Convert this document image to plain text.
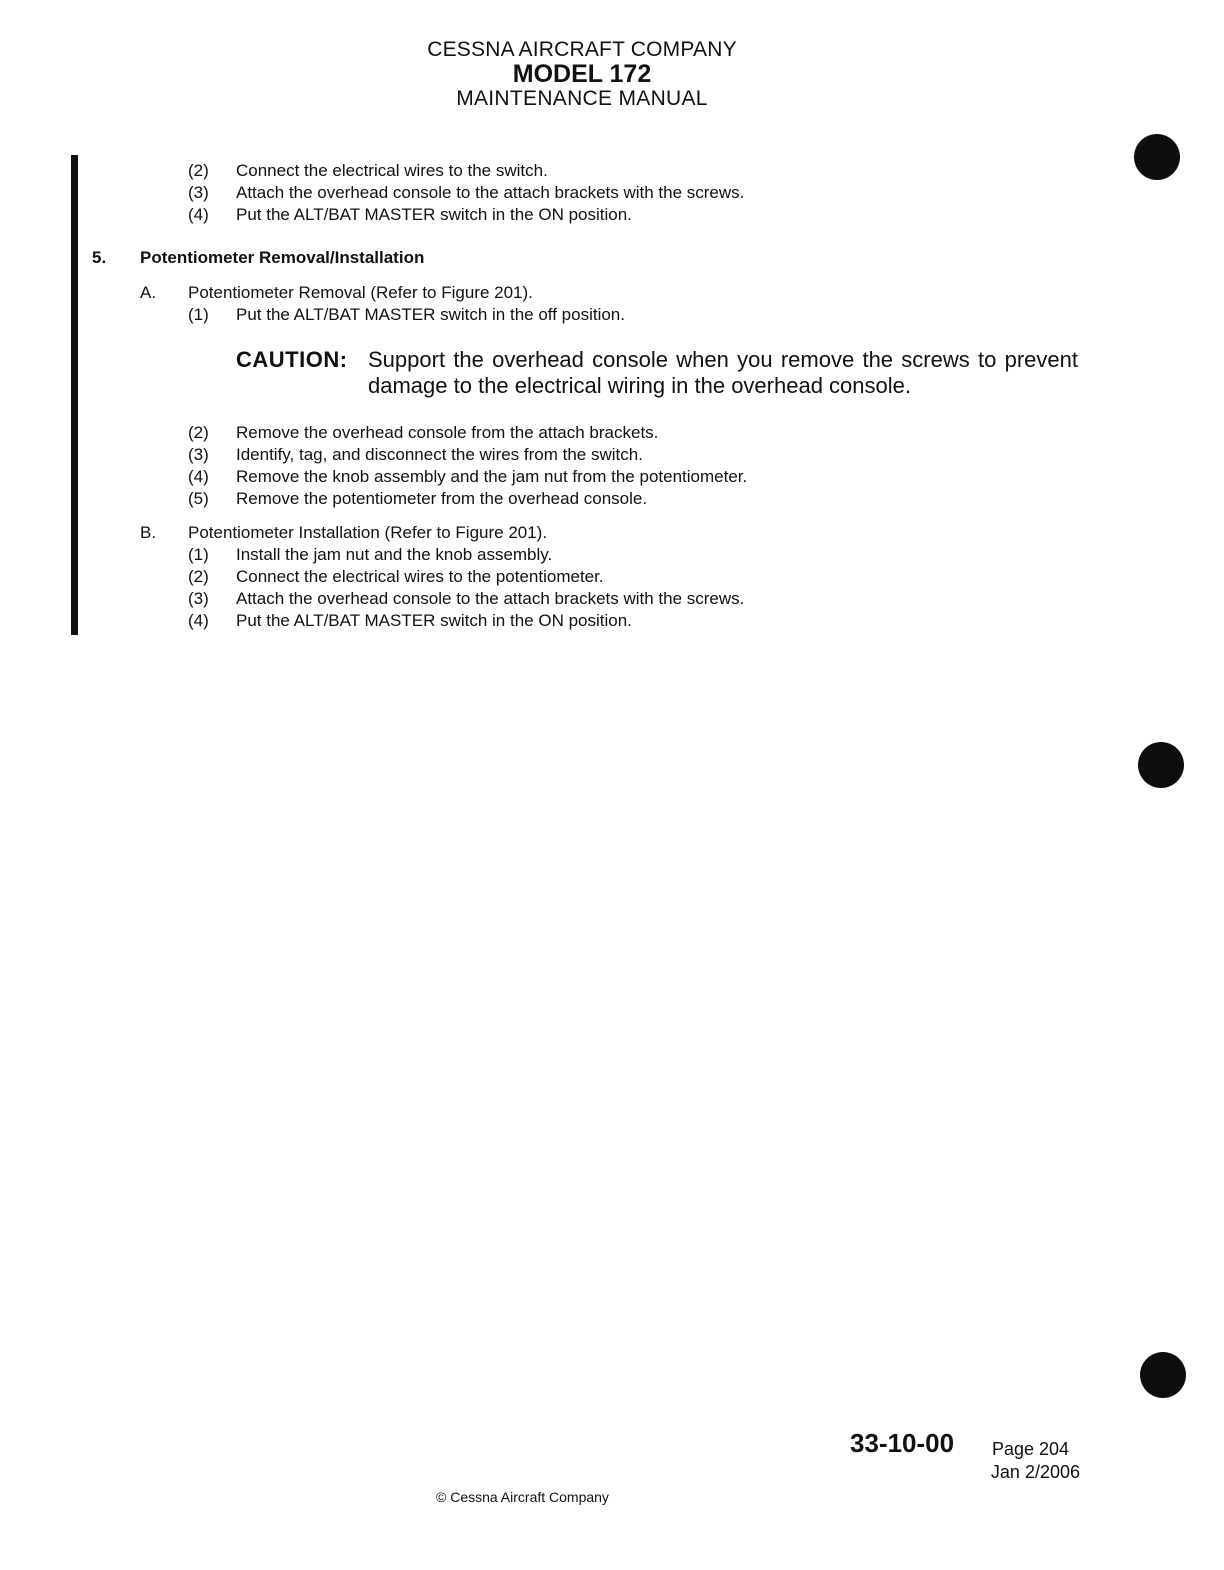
CESSNA AIRCRAFT COMPANY
MODEL 172
MAINTENANCE MANUAL
(2) Connect the electrical wires to the switch.
(3) Attach the overhead console to the attach brackets with the screws.
(4) Put the ALT/BAT MASTER switch in the ON position.
5. Potentiometer Removal/Installation
A. Potentiometer Removal (Refer to Figure 201).
(1) Put the ALT/BAT MASTER switch in the off position.
CAUTION: Support the overhead console when you remove the screws to prevent damage to the electrical wiring in the overhead console.
(2) Remove the overhead console from the attach brackets.
(3) Identify, tag, and disconnect the wires from the switch.
(4) Remove the knob assembly and the jam nut from the potentiometer.
(5) Remove the potentiometer from the overhead console.
B. Potentiometer Installation (Refer to Figure 201).
(1) Install the jam nut and the knob assembly.
(2) Connect the electrical wires to the potentiometer.
(3) Attach the overhead console to the attach brackets with the screws.
(4) Put the ALT/BAT MASTER switch in the ON position.
33-10-00 Page 204
Jan 2/2006
© Cessna Aircraft Company
